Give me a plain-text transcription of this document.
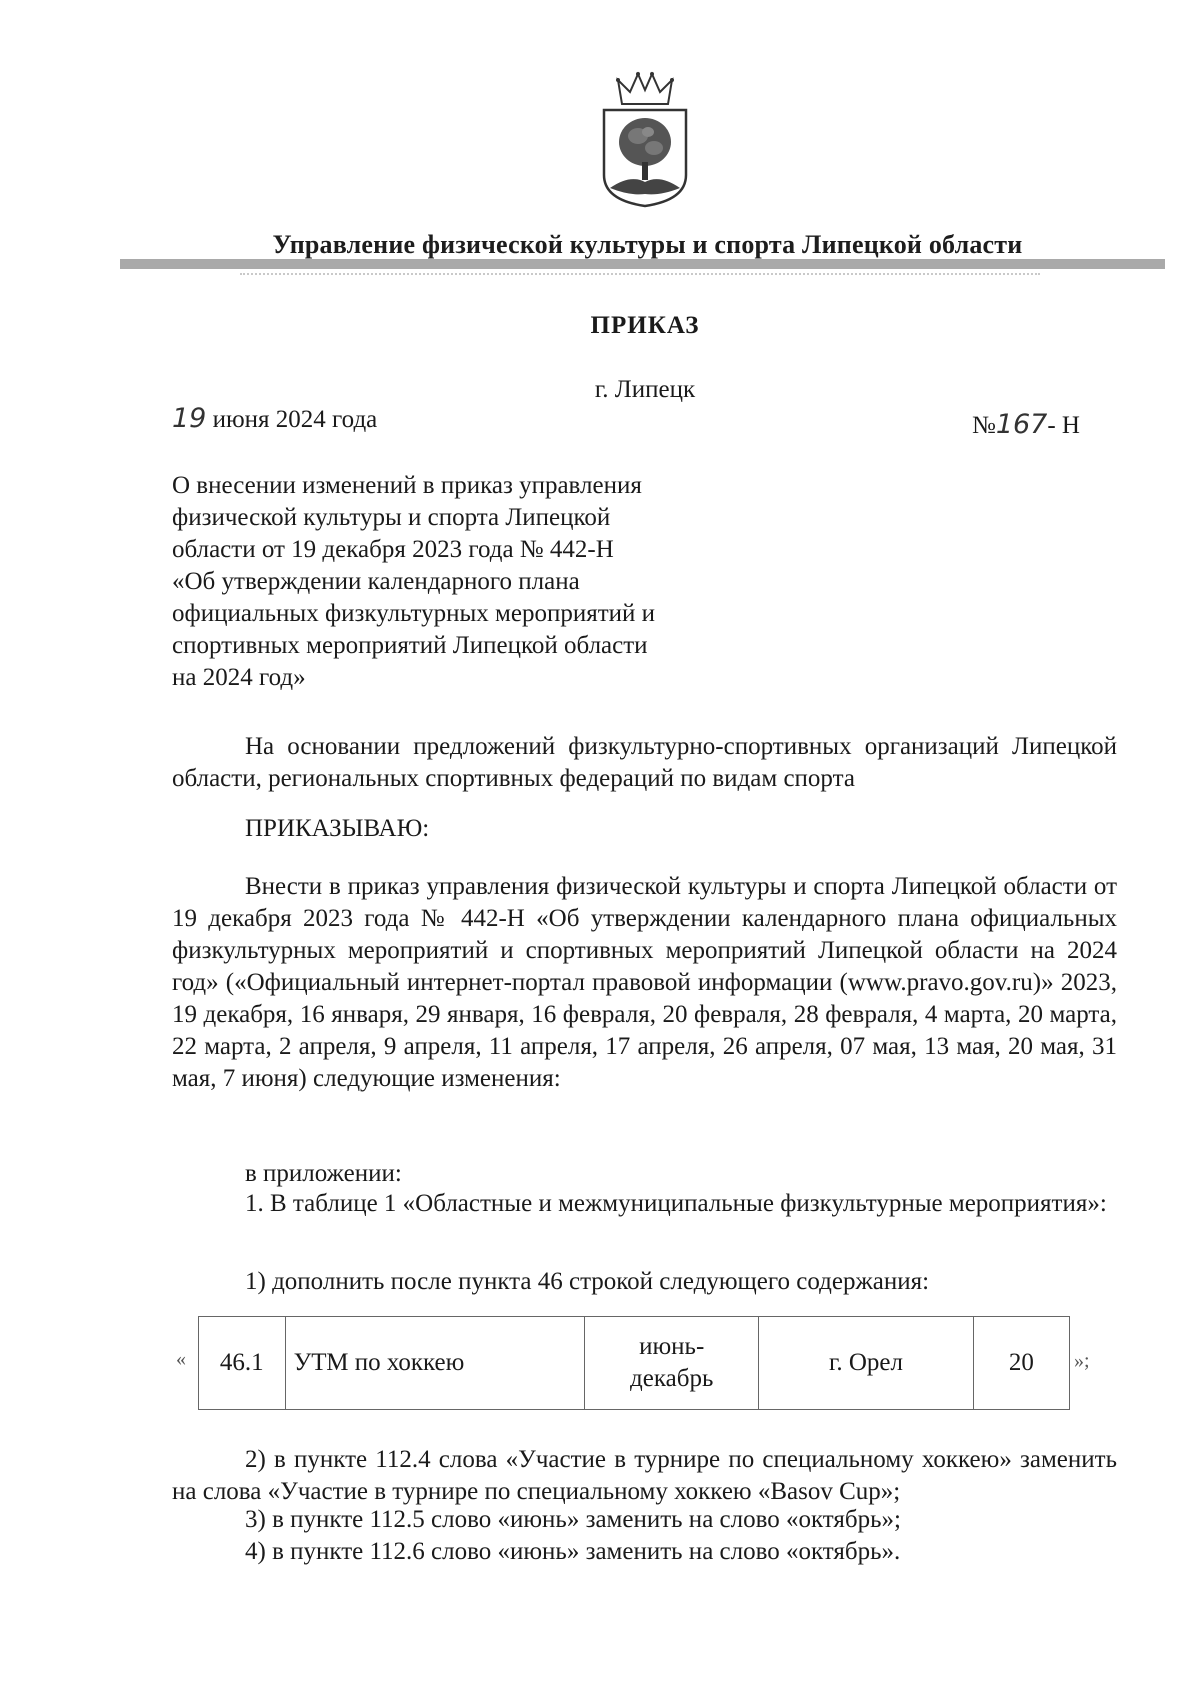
Управление физической культуры и спорта Липецкой области
ПРИКАЗ
г. Липецк
19 июня 2024 года	№167- Н
О внесении изменений в приказ управления
физической культуры и спорта Липецкой
области от 19 декабря 2023 года № 442-Н
«Об утверждении календарного плана
официальных физкультурных мероприятий и
спортивных мероприятий Липецкой области
на 2024 год»
На основании предложений физкультурно-спортивных организаций Липецкой области, региональных спортивных федераций по видам спорта
ПРИКАЗЫВАЮ:
Внести в приказ управления физической культуры и спорта Липецкой области от 19 декабря 2023 года № 442-Н «Об утверждении календарного плана официальных физкультурных мероприятий и спортивных мероприятий Липецкой области на 2024 год» («Официальный интернет-портал правовой информации (www.pravo.gov.ru)» 2023, 19 декабря, 16 января, 29 января, 16 февраля, 20 февраля, 28 февраля, 4 марта, 20 марта, 22 марта, 2 апреля, 9 апреля, 11 апреля, 17 апреля, 26 апреля, 07 мая, 13 мая, 20 мая, 31 мая, 7 июня) следующие изменения:
в приложении:
1. В таблице 1 «Областные и межмуниципальные физкультурные мероприятия»:
1) дополнить после пункта 46 строкой следующего содержания:
« 46.1	УТМ по хоккею	июнь-
декабрь	г. Орел	20 »;
2) в пункте 112.4 слова «Участие в турнире по специальному хоккею» заменить на слова «Участие в турнире по специальному хоккею «Basov Cup»;
3) в пункте 112.5 слово «июнь» заменить на слово «октябрь»;
4) в пункте 112.6 слово «июнь» заменить на слово «октябрь».
